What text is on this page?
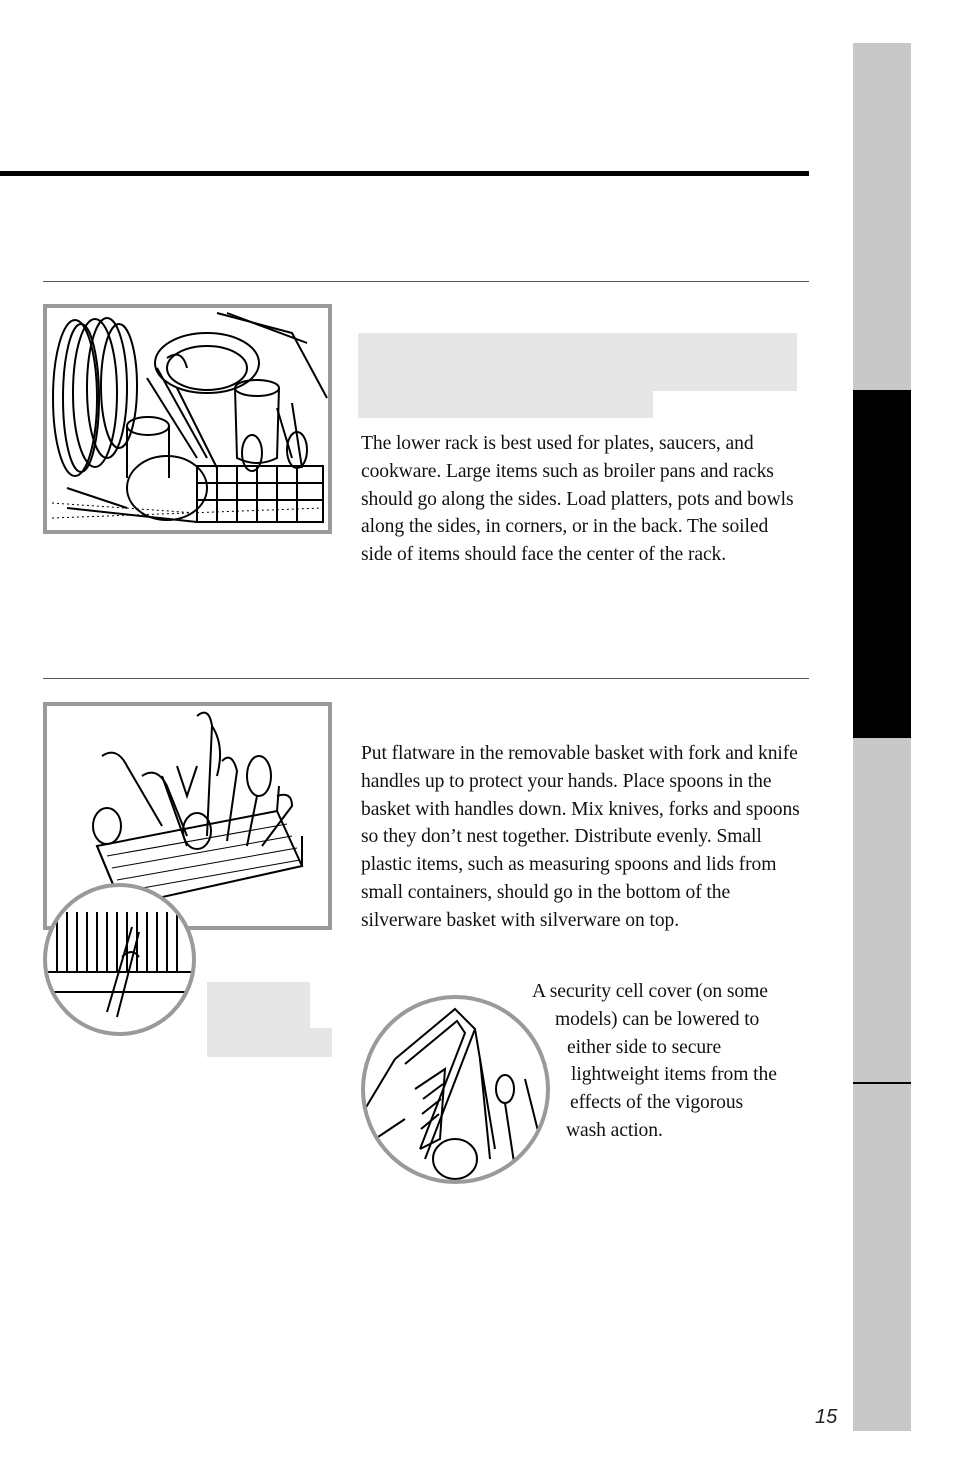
The lower rack is best used for plates, saucers, and cookware. Large items such as broiler pans and racks should go along the sides. Load platters, pots and bowls along the sides, in corners, or in the back. The soiled side of items should face the center of the rack.

Put flatware in the removable basket with fork and knife handles up to protect your hands. Place spoons in the basket with handles down. Mix knives, forks and spoons so they don’t nest together. Distribute evenly. Small plastic items, such as measuring spoons and lids from small containers, should go in the bottom of the silverware basket with silverware on top.

A security cell cover (on some

models) can be lowered to

either side to secure

lightweight items from the

effects of the vigorous

wash action.

15
